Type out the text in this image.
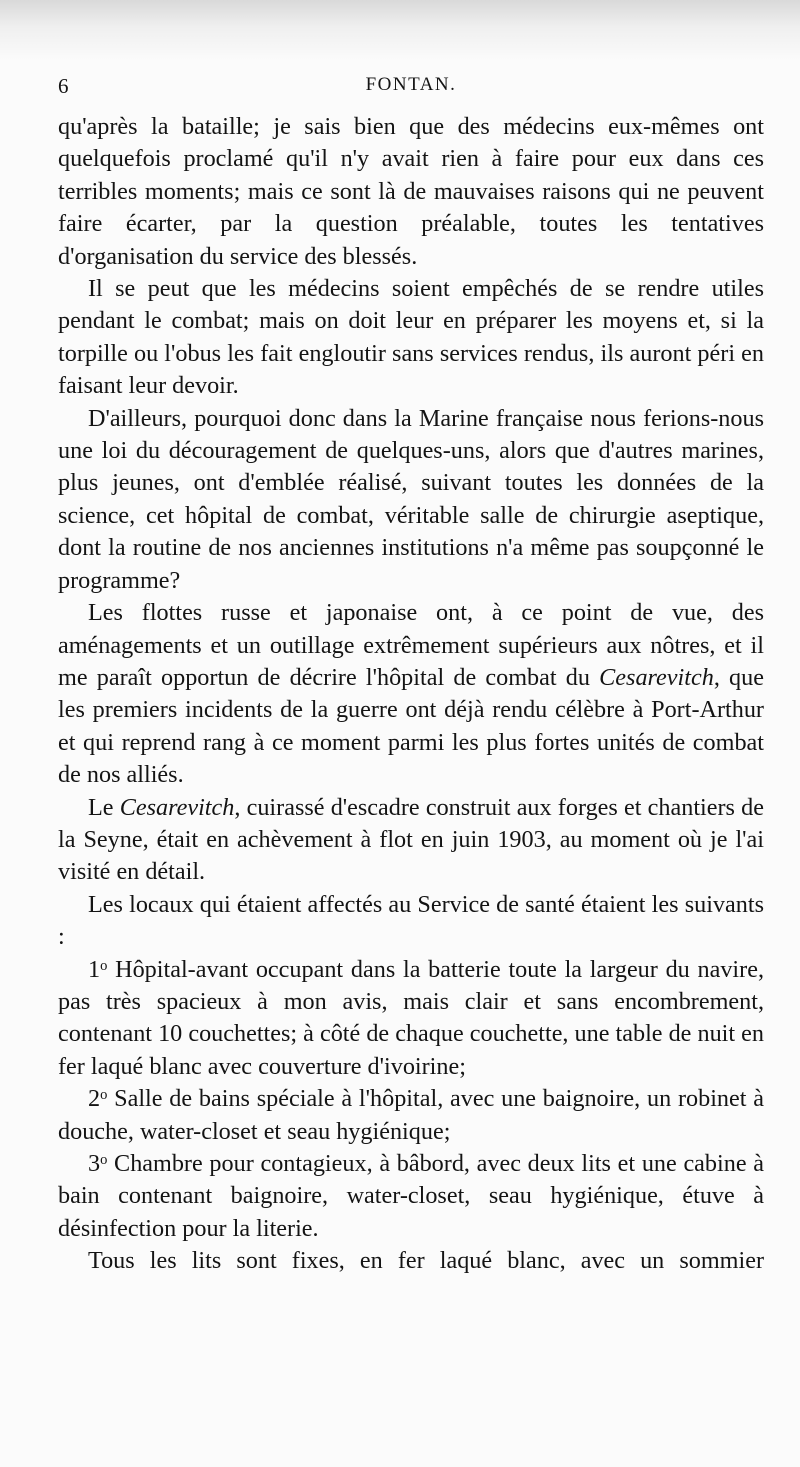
6	FONTAN.

qu'après la bataille; je sais bien que des médecins eux-mêmes ont quelquefois proclamé qu'il n'y avait rien à faire pour eux dans ces terribles moments; mais ce sont là de mauvaises raisons qui ne peuvent faire écarter, par la question préalable, toutes les tentatives d'organisation du service des blessés.

Il se peut que les médecins soient empêchés de se rendre utiles pendant le combat; mais on doit leur en préparer les moyens et, si la torpille ou l'obus les fait engloutir sans services rendus, ils auront péri en faisant leur devoir.

D'ailleurs, pourquoi donc dans la Marine française nous ferions-nous une loi du découragement de quelques-uns, alors que d'autres marines, plus jeunes, ont d'emblée réalisé, suivant toutes les données de la science, cet hôpital de combat, véritable salle de chirurgie aseptique, dont la routine de nos anciennes institutions n'a même pas soupçonné le programme?

Les flottes russe et japonaise ont, à ce point de vue, des aménagements et un outillage extrêmement supérieurs aux nôtres, et il me paraît opportun de décrire l'hôpital de combat du Cesarevitch, que les premiers incidents de la guerre ont déjà rendu célèbre à Port-Arthur et qui reprend rang à ce moment parmi les plus fortes unités de combat de nos alliés.

Le Cesarevitch, cuirassé d'escadre construit aux forges et chantiers de la Seyne, était en achèvement à flot en juin 1903, au moment où je l'ai visité en détail.

Les locaux qui étaient affectés au Service de santé étaient les suivants :

1$^o$ Hôpital-avant occupant dans la batterie toute la largeur du navire, pas très spacieux à mon avis, mais clair et sans encombrement, contenant 10 couchettes; à côté de chaque couchette, une table de nuit en fer laqué blanc avec couverture d'ivoirine;

2$^o$ Salle de bains spéciale à l'hôpital, avec une baignoire, un robinet à douche, water-closet et seau hygiénique;

3$^o$ Chambre pour contagieux, à bâbord, avec deux lits et une cabine à bain contenant baignoire, water-closet, seau hygiénique, étuve à désinfection pour la literie.

Tous les lits sont fixes, en fer laqué blanc, avec un sommier
